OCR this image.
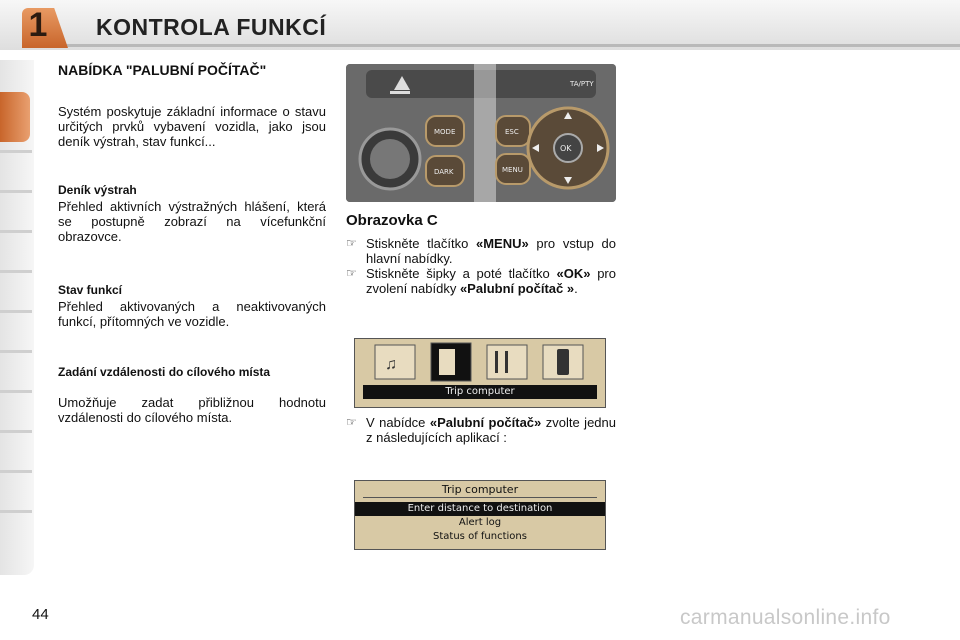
1 KONTROLA FUNKCÍ
NABÍDKA "PALUBNÍ POČÍTAČ"
Systém poskytuje základní informace o stavu určitých prvků vybavení vozidla, jako jsou deník výstrah, stav funkcí...
Deník výstrah
Přehled aktivních výstražných hlášení, která se postupně zobrazí na vícefunkční obrazovce.
Stav funkcí
Přehled aktivovaných a neaktivovaných funkcí, přítomných ve vozidle.
Zadání vzdálenosti do cílového místa
Umožňuje zadat přibližnou hodnotu vzdálenosti do cílového místa.
TA/PTY
MODE
DARK
ESC
MENU
OK
Obrazovka C
☞ Stiskněte tlačítko «MENU» pro vstup do hlavní nabídky.
☞ Stiskněte šipky a poté tlačítko «OK» pro zvolení nabídky «Palubní počítač ».
♫
Trip computer
☞ V nabídce «Palubní počítač» zvolte jednu z následujících aplikací :
Trip computer
Enter distance to destination
Alert log
Status of functions
44	carmanualsonline.info
